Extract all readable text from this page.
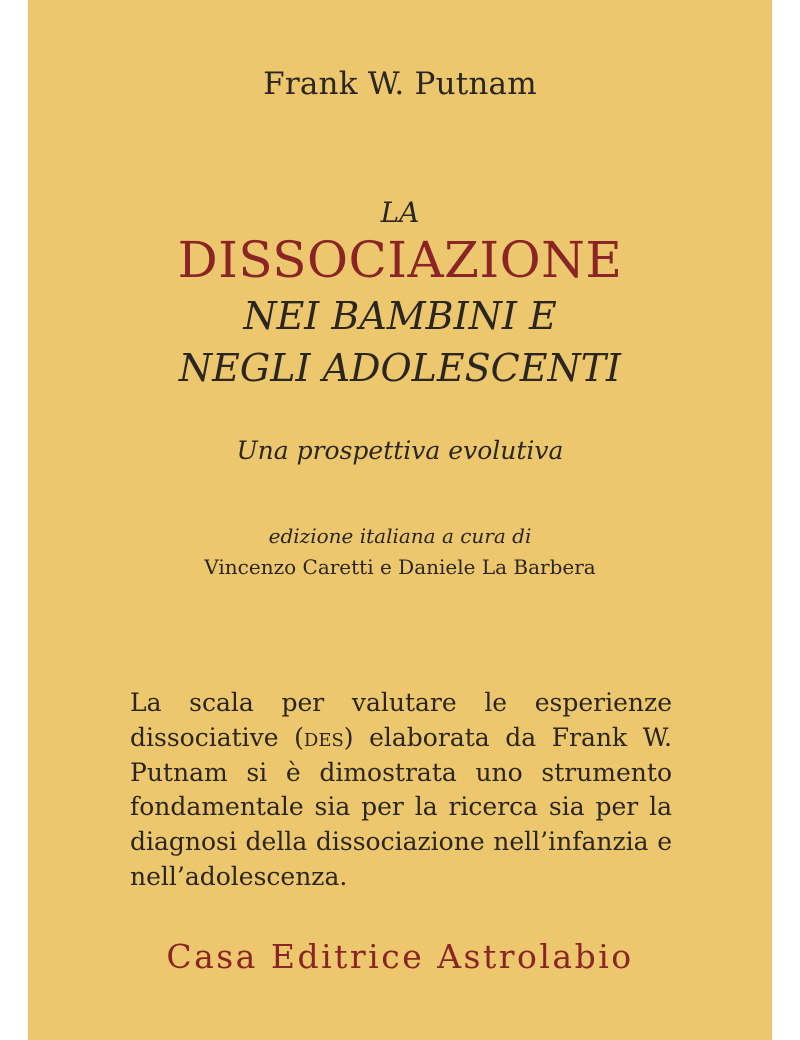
Frank W. Putnam
LA
DISSOCIAZIONE
NEI BAMBINI E
NEGLI ADOLESCENTI
Una prospettiva evolutiva
edizione italiana a cura di
Vincenzo Caretti e Daniele La Barbera
La scala per valutare le esperienze dissociative (des) elaborata da Frank W. Putnam si è dimostrata uno strumento fondamentale sia per la ricerca sia per la diagnosi della dissociazione nell’infanzia e nell’adolescenza.
Casa Editrice Astrolabio
